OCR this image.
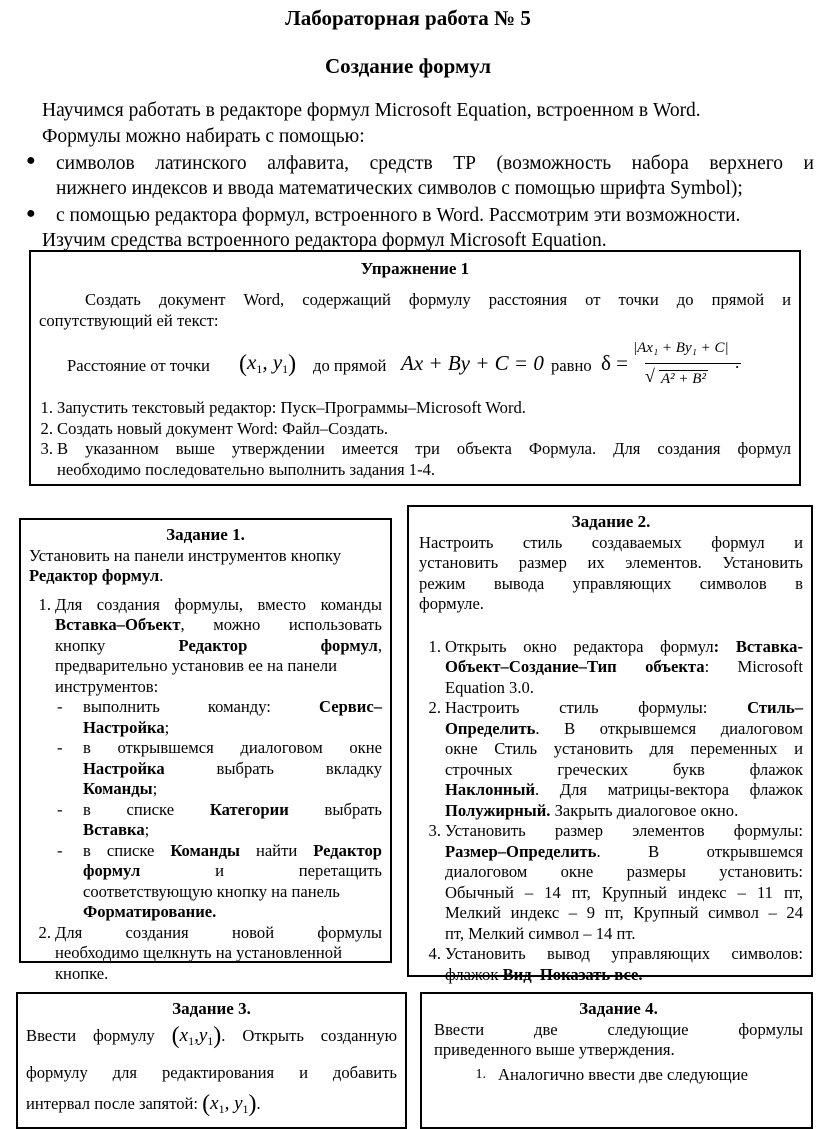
Лабораторная работа № 5
Создание формул
Научимся работать в редакторе формул Microsoft Equation, встроенном в Word.
Формулы можно набирать с помощью:
● символов латинского алфавита, средств ТР (возможность набора верхнего и
нижнего индексов и ввода математических символов с помощью шрифта Symbol);
● с помощью редактора формул, встроенного в Word. Рассмотрим эти возможности.
Изучим средства встроенного редактора формул Microsoft Equation.
Упражнение 1
Создать документ Word, содержащий формулу расстояния от точки до прямой и
сопутствующий ей текст:
Расстояние от точки ($x_1$, $y_1$) до прямой Ax + By + C = 0 равно δ =
|Ax₁ + By₁ + C|
√ A² + B²
.
1. Запустить текстовый редактор: Пуск–Программы–Microsoft Word.
2. Создать новый документ Word: Файл–Создать.
3. В указанном выше утверждении имеется три объекта Формула. Для создания формул
необходимо последовательно выполнить задания 1-4.
Задание 1.
Установить на панели инструментов кнопку
Редактор формул.
1. Для создания формулы, вместо команды
Вставка–Объект, можно использовать
кнопку	Редактор формул,
предварительно установив ее на панели
инструментов:
-	выполнить команду:	Сервис–
Настройка;
-	в открывшемся диалоговом окне
Настройка	выбрать вкладку
Команды;
-	в списке Категории выбрать
Вставка;
-	в списке Команды найти Редактор
формул	и перетащить
соответствующую кнопку на панель
Форматирование.
2. Для создания новой формулы
необходимо щелкнуть на установленной
кнопке.
Задание 2.
Настроить стиль создаваемых формул и
установить размер их элементов. Установить
режим вывода управляющих символов в
формуле.
1. Открыть окно редактора формул: Вставка-
Объект–Создание–Тип объекта: Microsoft
Equation 3.0.
2. Настроить стиль формулы: Стиль–
Определить. В открывшемся диалоговом
окне Стиль установить для переменных и
строчных греческих букв флажок
Наклонный. Для матрицы-вектора флажок
Полужирный. Закрыть диалоговое окно.
3. Установить размер элементов формулы:
Размер–Определить. В открывшемся
диалоговом окне размеры установить:
Обычный – 14 пт, Крупный индекс – 11 пт,
Мелкий индекс – 9 пт, Крупный символ – 24
пт, Мелкий символ – 14 пт.
4. Установить вывод управляющих символов:
флажок Вид–Показать все.
Задание 3.
Ввести формулу $(x_1,y_1)$. Открыть созданную
формулу для редактирования и добавить
интервал после запятой: ($x_1$, $y_1$).
Задание 4.
Ввести две следующие формулы
приведенного выше утверждения.
1. Аналогично ввести две следующие
